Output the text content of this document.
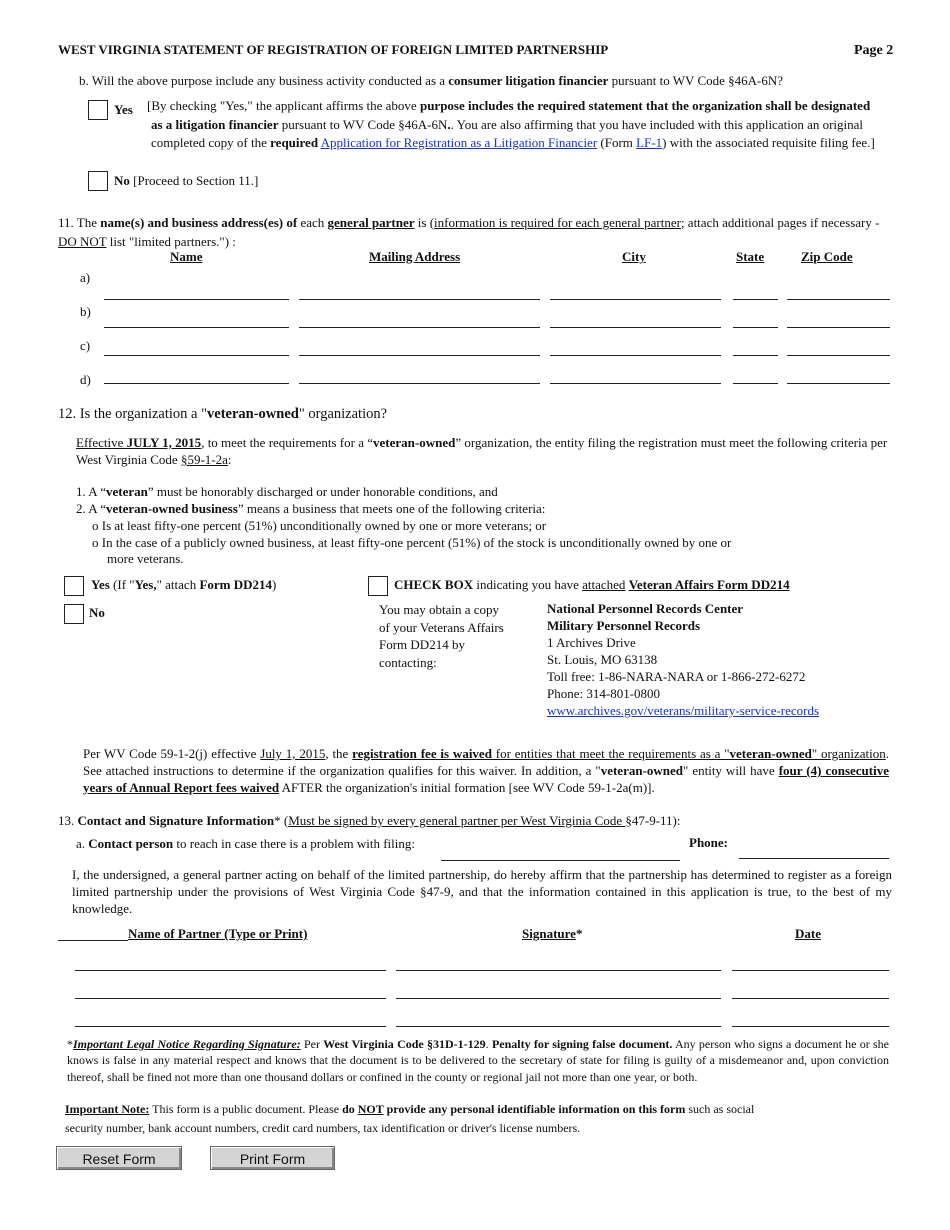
WEST VIRGINIA STATEMENT OF REGISTRATION OF FOREIGN LIMITED PARTNERSHIP	Page 2
b. Will the above purpose include any business activity conducted as a consumer litigation financier pursuant to WV Code §46A-6N?
Yes [By checking "Yes," the applicant affirms the above purpose includes the required statement that the organization shall be designated as a litigation financier pursuant to WV Code §46A-6N.. You are also affirming that you have included with this application an original completed copy of the required Application for Registration as a Litigation Financier (Form LF-1) with the associated requisite filing fee.]
No [Proceed to Section 11.]
11. The name(s) and business address(es) of each general partner is (information is required for each general partner; attach additional pages if necessary - DO NOT list "limited partners.") :
Name	Mailing Address	City	State	Zip Code
a)
b)
c)
d)
12. Is the organization a "veteran-owned" organization?
Effective JULY 1, 2015, to meet the requirements for a “veteran-owned” organization, the entity filing the registration must meet the following criteria per West Virginia Code §59-1-2a:
1. A “veteran” must be honorably discharged or under honorable conditions, and
2. A “veteran-owned business” means a business that meets one of the following criteria:
o Is at least fifty-one percent (51%) unconditionally owned by one or more veterans; or
o In the case of a publicly owned business, at least fifty-one percent (51%) of the stock is unconditionally owned by one or
more veterans.
Yes (If "Yes," attach Form DD214)
No
CHECK BOX indicating you have attached Veteran Affairs Form DD214
You may obtain a copy
of your Veterans Affairs
Form DD214 by
contacting:
National Personnel Records Center
Military Personnel Records
1 Archives Drive
St. Louis, MO 63138
Toll free: 1-86-NARA-NARA or 1-866-272-6272
Phone: 314-801-0800
www.archives.gov/veterans/military-service-records
Per WV Code 59-1-2(j) effective July 1, 2015, the registration fee is waived for entities that meet the requirements as a "veteran-owned" organization. See attached instructions to determine if the organization qualifies for this waiver. In addition, a "veteran-owned" entity will have four (4) consecutive years of Annual Report fees waived AFTER the organization's initial formation [see WV Code 59-1-2a(m)].
13. Contact and Signature Information* (Must be signed by every general partner per West Virginia Code §47-9-11):
a. Contact person to reach in case there is a problem with filing:	Phone:
I, the undersigned, a general partner acting on behalf of the limited partnership, do hereby affirm that the partnership has determined to register as a foreign limited partnership under the provisions of West Virginia Code §47-9, and that the information contained in this application is true, to the best of my knowledge.
Name of Partner (Type or Print)	Signature*	Date
*Important Legal Notice Regarding Signature: Per West Virginia Code §31D-1-129. Penalty for signing false document. Any person who signs a document he or she knows is false in any material respect and knows that the document is to be delivered to the secretary of state for filing is guilty of a misdemeanor and, upon conviction thereof, shall be fined not more than one thousand dollars or confined in the county or regional jail not more than one year, or both.
Important Note: This form is a public document. Please do NOT provide any personal identifiable information on this form such as social
security number, bank account numbers, credit card numbers, tax identification or driver's license numbers.
Reset Form	Print Form
